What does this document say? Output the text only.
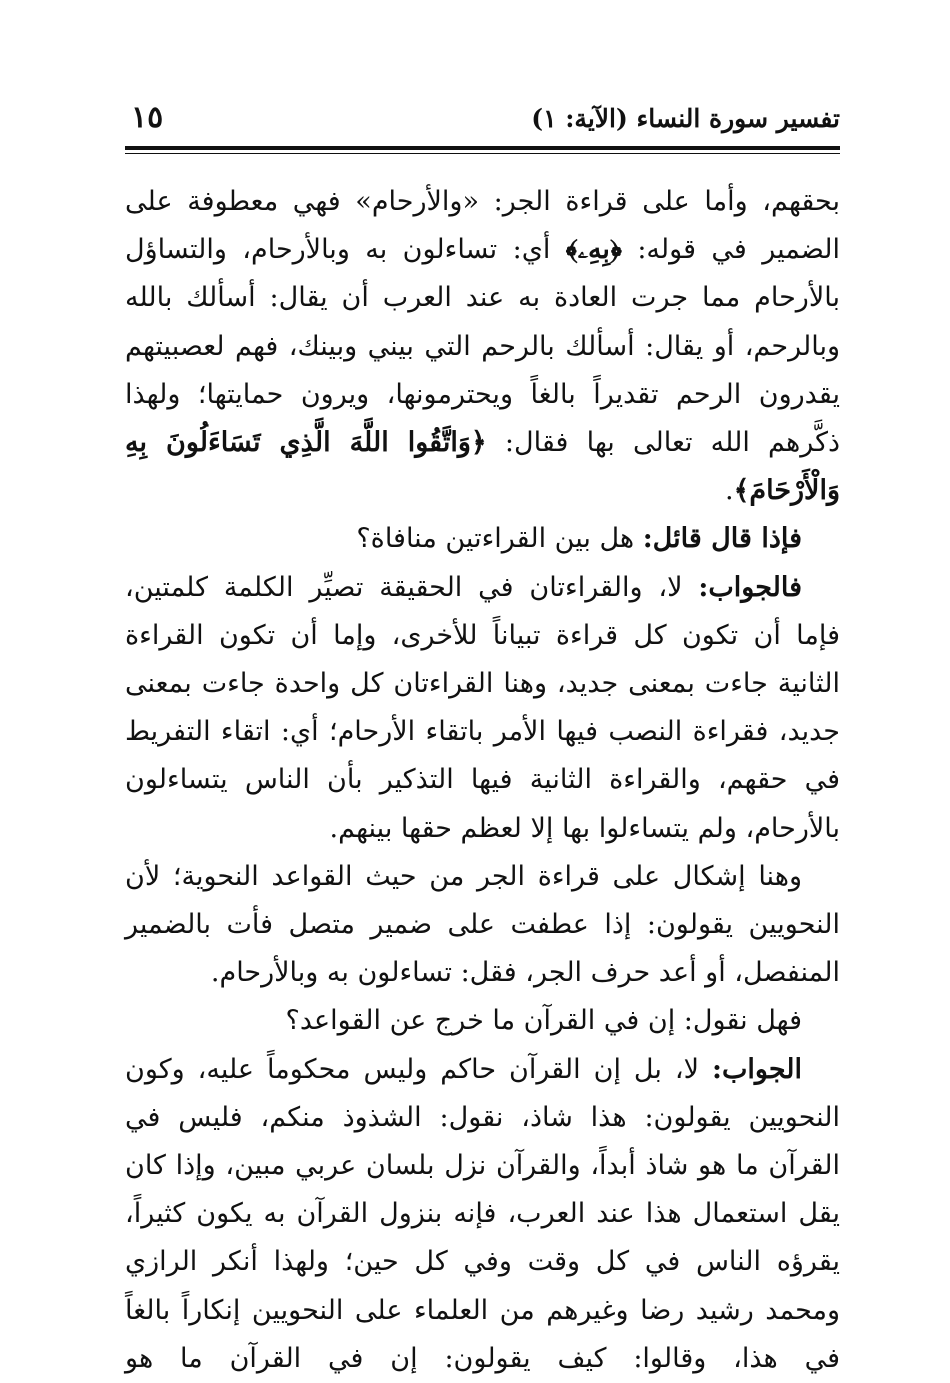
تفسير سورة النساء (الآية: ١)
١٥

بحقهم، وأما على قراءة الجر: «والأرحام» فهي معطوفة على الضمير في قوله: ﴿بِهِۦ﴾ أي: تساءلون به وبالأرحام، والتساؤل بالأرحام مما جرت العادة به عند العرب أن يقال: أسألك بالله وبالرحم، أو يقال: أسألك بالرحم التي بيني وبينك، فهم لعصبيتهم يقدرون الرحم تقديراً بالغاً ويحترمونها، ويرون حمايتها؛ ولهذا ذكَّرهم الله تعالى بها فقال: ﴿وَاتَّقُوا اللَّهَ الَّذِي تَسَاءَلُونَ بِهِ وَالْأَرْحَامَ﴾.

فإذا قال قائل: هل بين القراءتين منافاة؟

فالجواب: لا، والقراءتان في الحقيقة تصيِّر الكلمة كلمتين، فإما أن تكون كل قراءة تبياناً للأخرى، وإما أن تكون القراءة الثانية جاءت بمعنى جديد، وهنا القراءتان كل واحدة جاءت بمعنى جديد، فقراءة النصب فيها الأمر باتقاء الأرحام؛ أي: اتقاء التفريط في حقهم، والقراءة الثانية فيها التذكير بأن الناس يتساءلون بالأرحام، ولم يتساءلوا بها إلا لعظم حقها بينهم.

وهنا إشكال على قراءة الجر من حيث القواعد النحوية؛ لأن النحويين يقولون: إذا عطفت على ضمير متصل فأت بالضمير المنفصل، أو أعد حرف الجر، فقل: تساءلون به وبالأرحام.

فهل نقول: إن في القرآن ما خرج عن القواعد؟

الجواب: لا، بل إن القرآن حاكم وليس محكوماً عليه، وكون النحويين يقولون: هذا شاذ، نقول: الشذوذ منكم، فليس في القرآن ما هو شاذ أبداً، والقرآن نزل بلسان عربي مبين، وإذا كان يقل استعمال هذا عند العرب، فإنه بنزول القرآن به يكون كثيراً، يقرؤه الناس في كل وقت وفي كل حين؛ ولهذا أنكر الرازي ومحمد رشيد رضا وغيرهم من العلماء على النحويين إنكاراً بالغاً في هذا، وقالوا: كيف يقولون: إن في القرآن ما هو
